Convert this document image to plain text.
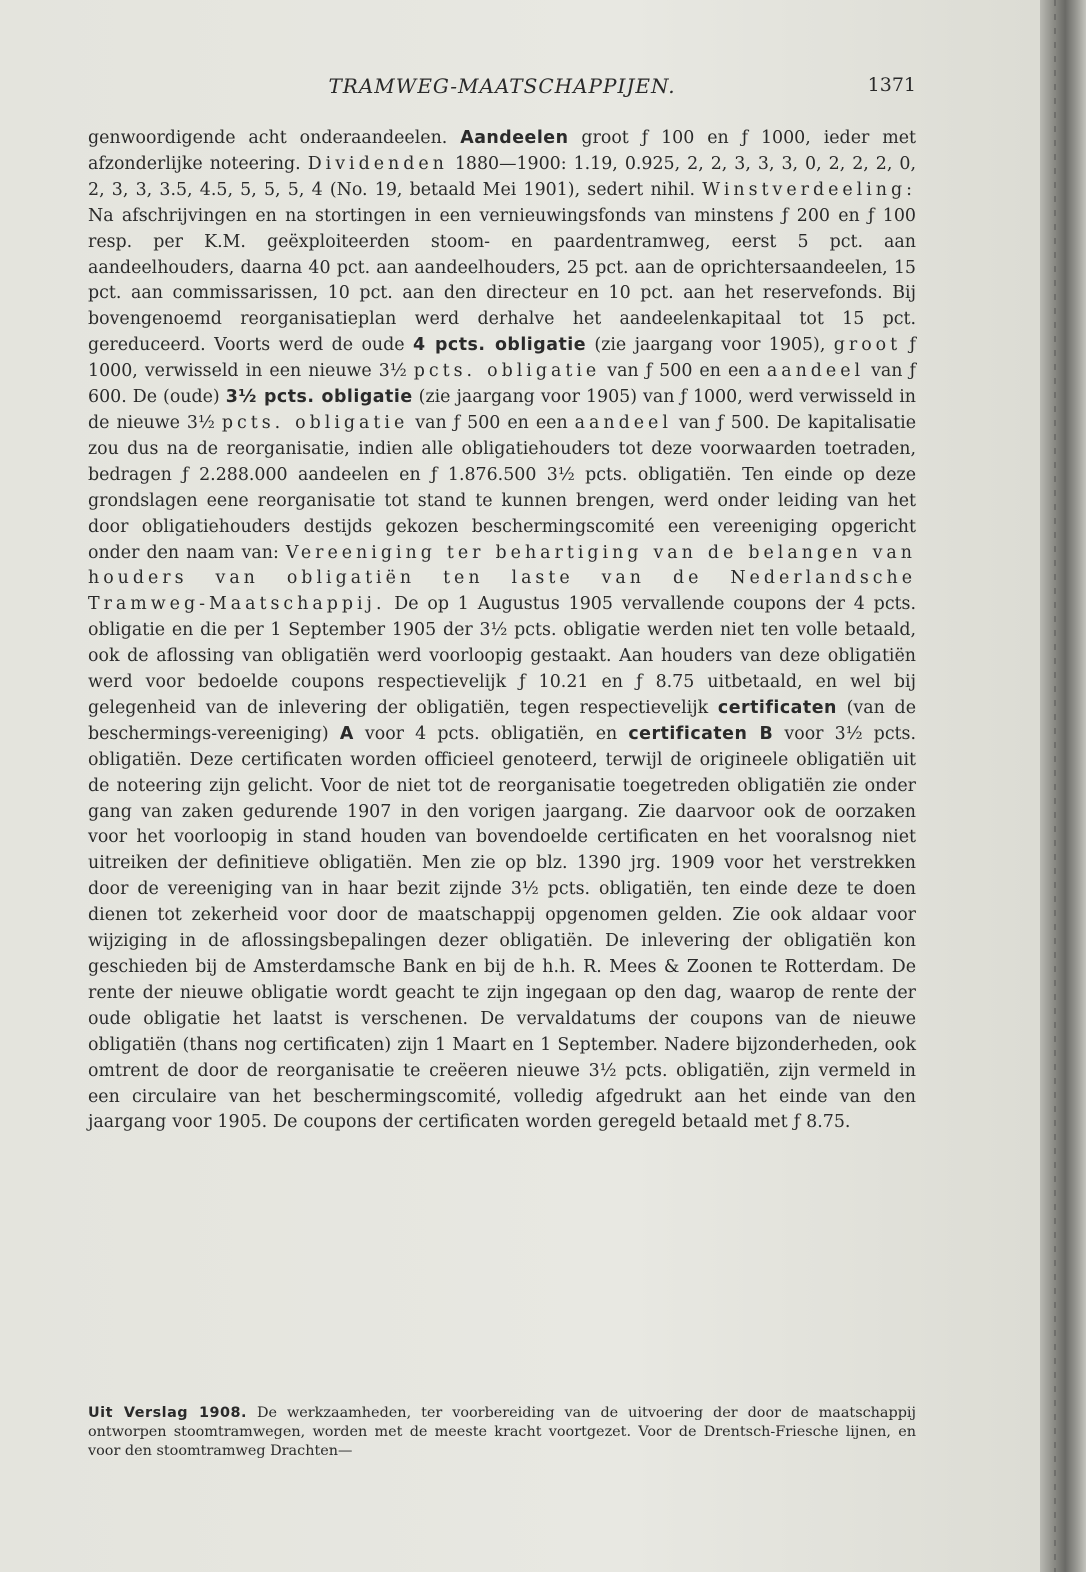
TRAMWEG-MAATSCHAPPIJEN.	1371

genwoordigende acht onderaandeelen. Aandeelen groot ƒ 100 en ƒ 1000, ieder met afzonderlijke noteering. Dividenden 1880—1900: 1.19, 0.925, 2, 2, 3, 3, 3, 0, 2, 2, 2, 0, 2, 3, 3, 3.5, 4.5, 5, 5, 5, 4 (No. 19, betaald Mei 1901), sedert nihil. Winstverdeeling: Na afschrijvingen en na stortingen in een vernieuwingsfonds van minstens ƒ 200 en ƒ 100 resp. per K.M. geëxploiteerden stoom- en paardentramweg, eerst 5 pct. aan aandeelhouders, daarna 40 pct. aan aandeelhouders, 25 pct. aan de oprichtersaandeelen, 15 pct. aan commissarissen, 10 pct. aan den directeur en 10 pct. aan het reservefonds. Bij bovengenoemd reorganisatieplan werd derhalve het aandeelenkapitaal tot 15 pct. gereduceerd. Voorts werd de oude 4 pcts. obligatie (zie jaargang voor 1905), groot ƒ 1000, verwisseld in een nieuwe 3½ pcts. obligatie van ƒ 500 en een aandeel van ƒ 600. De (oude) 3½ pcts. obligatie (zie jaargang voor 1905) van ƒ 1000, werd verwisseld in de nieuwe 3½ pcts. obligatie van ƒ 500 en een aandeel van ƒ 500. De kapitalisatie zou dus na de reorganisatie, indien alle obligatiehouders tot deze voorwaarden toetraden, bedragen ƒ 2.288.000 aandeelen en ƒ 1.876.500 3½ pcts. obligatiën. Ten einde op deze grondslagen eene reorganisatie tot stand te kunnen brengen, werd onder leiding van het door obligatiehouders destijds gekozen beschermingscomité een vereeniging opgericht onder den naam van: Vereeniging ter behartiging van de belangen van houders van obligatiën ten laste van de Nederlandsche Tramweg-Maatschappij. De op 1 Augustus 1905 vervallende coupons der 4 pcts. obligatie en die per 1 September 1905 der 3½ pcts. obligatie werden niet ten volle betaald, ook de aflossing van obligatiën werd voorloopig gestaakt. Aan houders van deze obligatiën werd voor bedoelde coupons respectievelijk ƒ 10.21 en ƒ 8.75 uitbetaald, en wel bij gelegenheid van de inlevering der obligatiën, tegen respectievelijk certificaten (van de beschermings-vereeniging) A voor 4 pcts. obligatiën, en certificaten B voor 3½ pcts. obligatiën. Deze certificaten worden officieel genoteerd, terwijl de origineele obligatiën uit de noteering zijn gelicht. Voor de niet tot de reorganisatie toegetreden obligatiën zie onder gang van zaken gedurende 1907 in den vorigen jaargang. Zie daarvoor ook de oorzaken voor het voorloopig in stand houden van bovendoelde certificaten en het vooralsnog niet uitreiken der definitieve obligatiën. Men zie op blz. 1390 jrg. 1909 voor het verstrekken door de vereeniging van in haar bezit zijnde 3½ pcts. obligatiën, ten einde deze te doen dienen tot zekerheid voor door de maatschappij opgenomen gelden. Zie ook aldaar voor wijziging in de aflossingsbepalingen dezer obligatiën. De inlevering der obligatiën kon geschieden bij de Amsterdamsche Bank en bij de h.h. R. Mees & Zoonen te Rotterdam. De rente der nieuwe obligatie wordt geacht te zijn ingegaan op den dag, waarop de rente der oude obligatie het laatst is verschenen. De vervaldatums der coupons van de nieuwe obligatiën (thans nog certificaten) zijn 1 Maart en 1 September. Nadere bijzonderheden, ook omtrent de door de reorganisatie te creëeren nieuwe 3½ pcts. obligatiën, zijn vermeld in een circulaire van het beschermingscomité, volledig afgedrukt aan het einde van den jaargang voor 1905. De coupons der certificaten worden geregeld betaald met ƒ 8.75.

Uit Verslag 1908. De werkzaamheden, ter voorbereiding van de uitvoering der door de maatschappij ontworpen stoomtramwegen, worden met de meeste kracht voortgezet. Voor de Drentsch-Friesche lijnen, en voor den stoomtramweg Drachten—
